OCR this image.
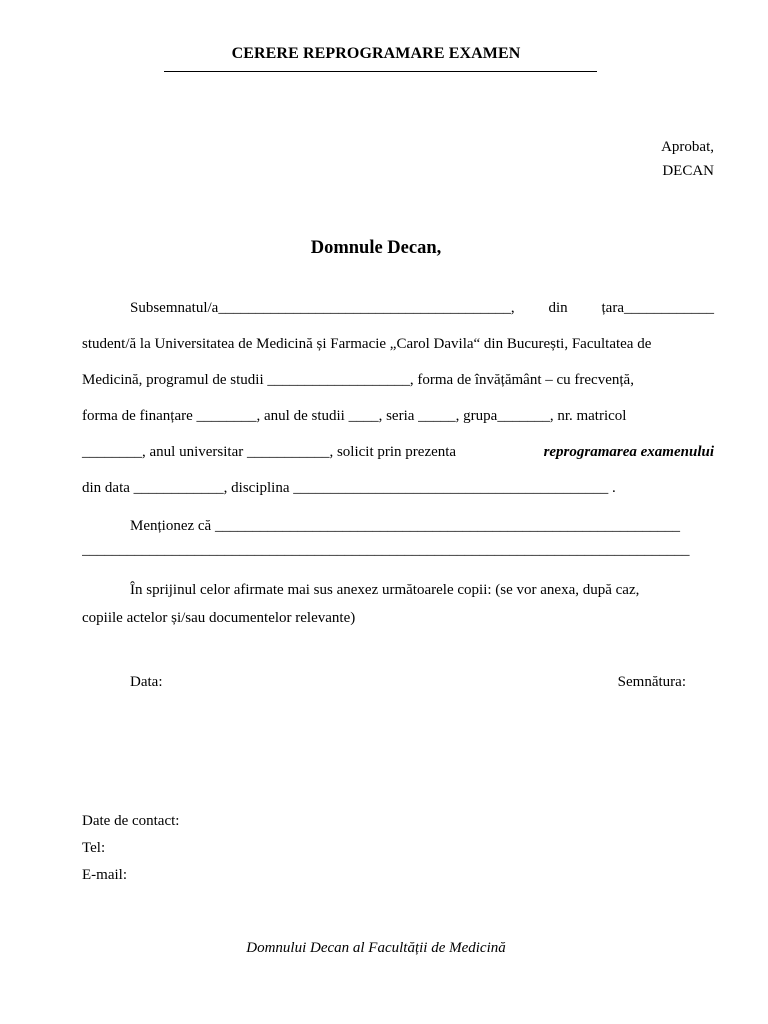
CERERE REPROGRAMARE EXAMEN
Aprobat,
DECAN
Domnule Decan,
Subsemnatul/a_______________________________________, din țara____________
student/ă la Universitatea de Medicină și Farmacie „Carol Davila“ din București, Facultatea de
Medicină, programul de studii ___________________, forma de învățământ – cu frecvență,
forma de finanțare ________, anul de studii ____, seria _____, grupa_______, nr. matricol
________, anul universitar ___________, solicit prin prezenta	reprogramarea examenului
din data ____________, disciplina __________________________________________ .
Menționez că ______________________________________________________________
_________________________________________________________________________________
În sprijinul celor afirmate mai sus anexez următoarele copii: (se vor anexa, după caz,
copiile actelor și/sau documentelor relevante)
Data:	Semnătura:
Date de contact:
Tel:
E-mail:
Domnului Decan al Facultății de Medicină
